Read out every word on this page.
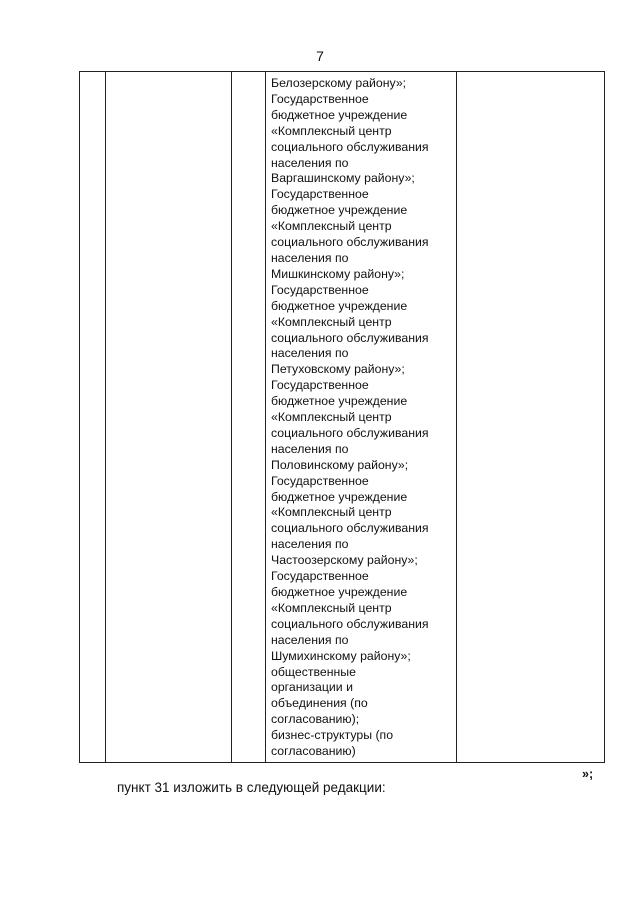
7
Белозерскому району»;
Государственное
бюджетное учреждение
«Комплексный центр
социального обслуживания
населения по
Варгашинскому району»;
Государственное
бюджетное учреждение
«Комплексный центр
социального обслуживания
населения по
Мишкинскому району»;
Государственное
бюджетное учреждение
«Комплексный центр
социального обслуживания
населения по
Петуховскому району»;
Государственное
бюджетное учреждение
«Комплексный центр
социального обслуживания
населения по
Половинскому району»;
Государственное
бюджетное учреждение
«Комплексный центр
социального обслуживания
населения по
Частоозерскому району»;
Государственное
бюджетное учреждение
«Комплексный центр
социального обслуживания
населения по
Шумихинскому району»;
общественные
организации и
объединения (по
согласованию);
бизнес-структуры (по
согласованию)
»;
пункт 31 изложить в следующей редакции:
